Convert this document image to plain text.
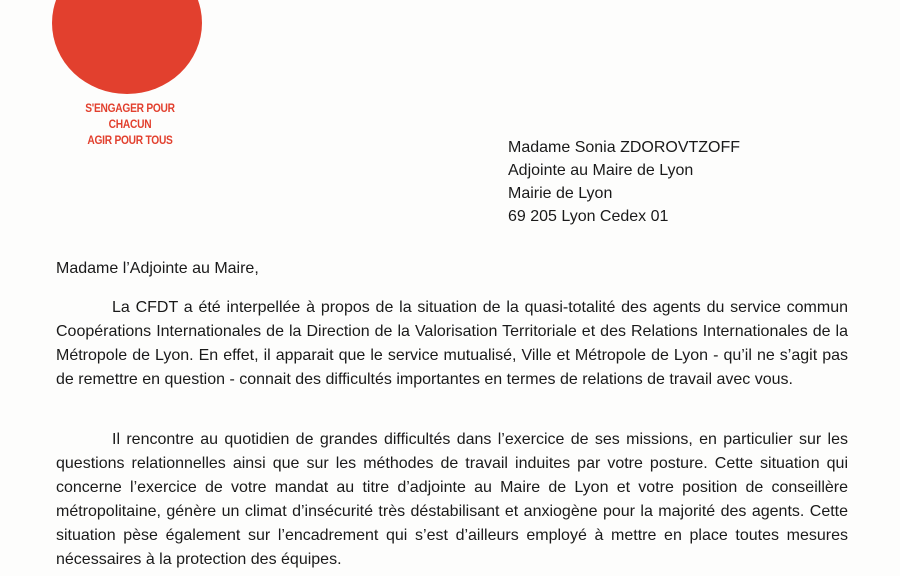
S'ENGAGER POUR CHACUN
AGIR POUR TOUS	Madame Sonia ZDOROVTZOFF
Adjointe au Maire de Lyon
Mairie de Lyon
69 205 Lyon Cedex 01
Madame l’Adjointe au Maire,

La CFDT a été interpellée à propos de la situation de la quasi-totalité des agents du service commun Coopérations Internationales de la Direction de la Valorisation Territoriale et des Relations Internationales de la Métropole de Lyon. En effet, il apparait que le service mutualisé, Ville et Métropole de Lyon - qu’il ne s’agit pas de remettre en question - connait des difficultés importantes en termes de relations de travail avec vous.

Il rencontre au quotidien de grandes difficultés dans l’exercice de ses missions, en particulier sur les questions relationnelles ainsi que sur les méthodes de travail induites par votre posture. Cette situation qui concerne l’exercice de votre mandat au titre d’adjointe au Maire de Lyon et votre position de conseillère métropolitaine, génère un climat d’insécurité très déstabilisant et anxiogène pour la majorité des agents. Cette situation pèse également sur l’encadrement qui s’est d’ailleurs employé à mettre en place toutes mesures nécessaires à la protection des équipes.
